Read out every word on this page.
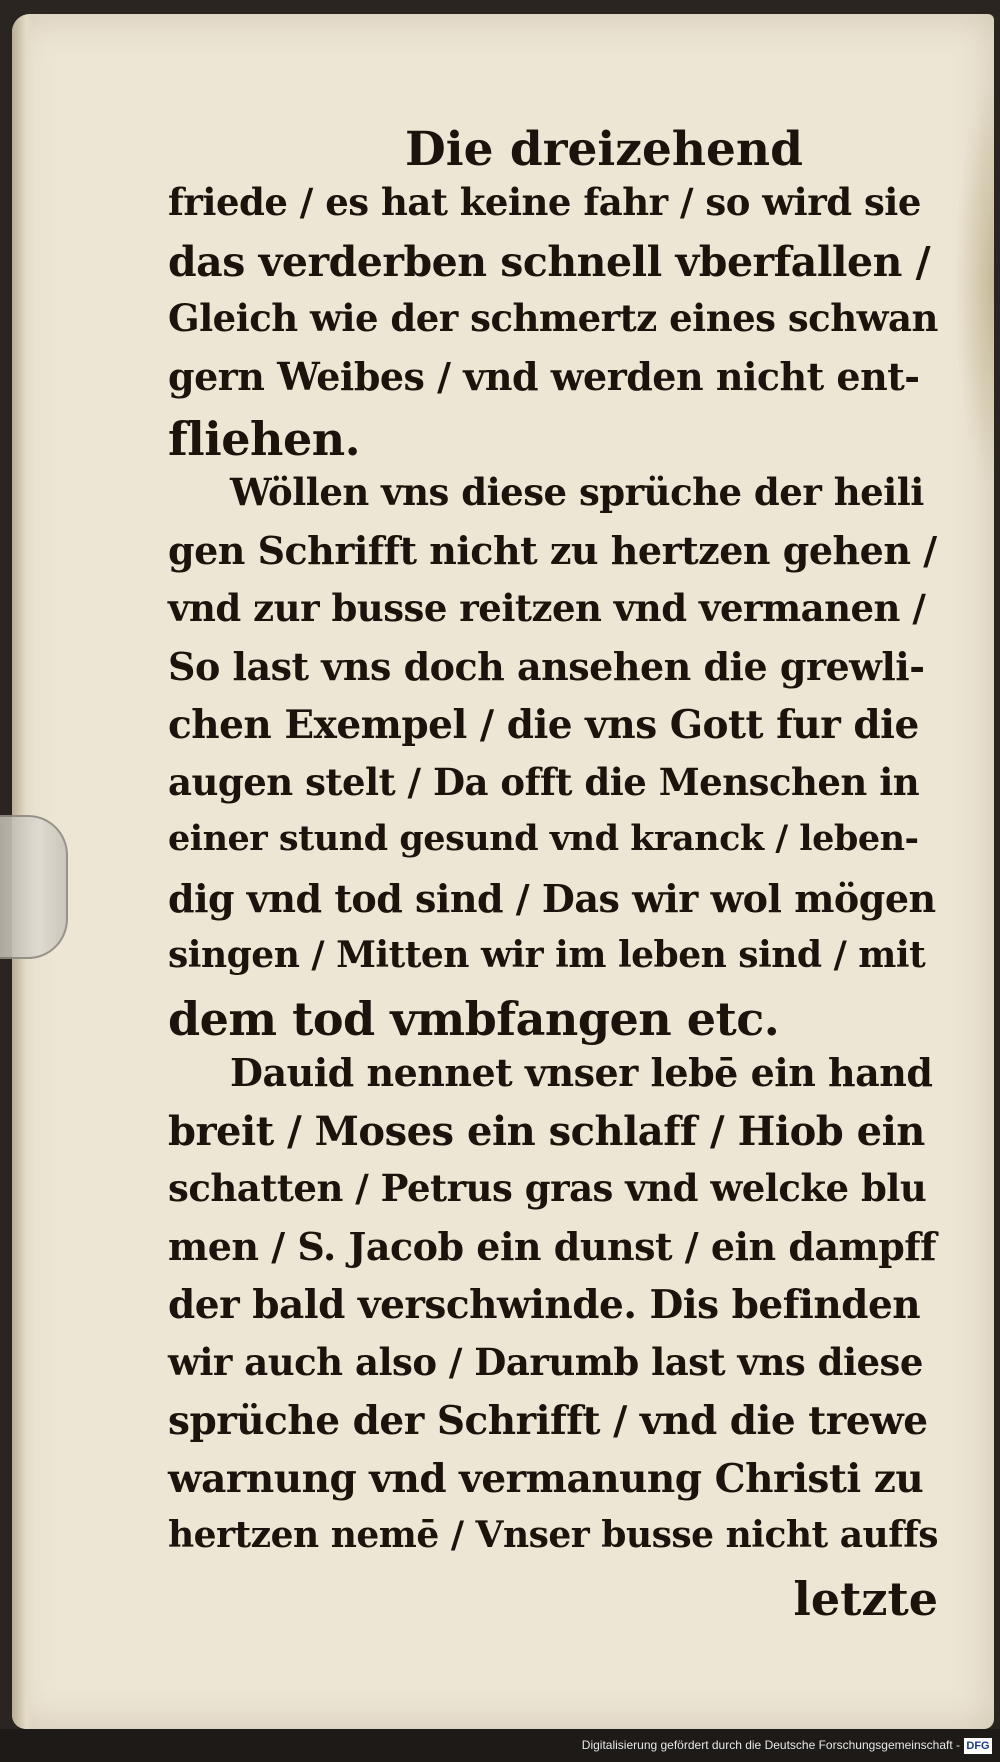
Die dreizehend
friede / es hat keine fahr / so wird sie
das verderben schnell vberfallen /
Gleich wie der schmertz eines schwan
gern Weibes / vnd werden nicht ent-
fliehen.
Wöllen vns diese sprüche der heili
gen Schrifft nicht zu hertzen gehen /
vnd zur busse reitzen vnd vermanen /
So last vns doch ansehen die grewli-
chen Exempel / die vns Gott fur die
augen stelt / Da offt die Menschen in
einer stund gesund vnd kranck / leben-
dig vnd tod sind / Das wir wol mögen
singen / Mitten wir im leben sind / mit
dem tod vmbfangen etc.
Dauid nennet vnser lebē ein hand
breit / Moses ein schlaff / Hiob ein
schatten / Petrus gras vnd welcke blu
men / S. Jacob ein dunst / ein dampff
der bald verschwinde. Dis befinden
wir auch also / Darumb last vns diese
sprüche der Schrifft / vnd die trewe
warnung vnd vermanung Christi zu
hertzen nemē / Vnser busse nicht auffs
letzte
Digitalisierung gefördert durch die Deutsche Forschungsgemeinschaft - DFG
